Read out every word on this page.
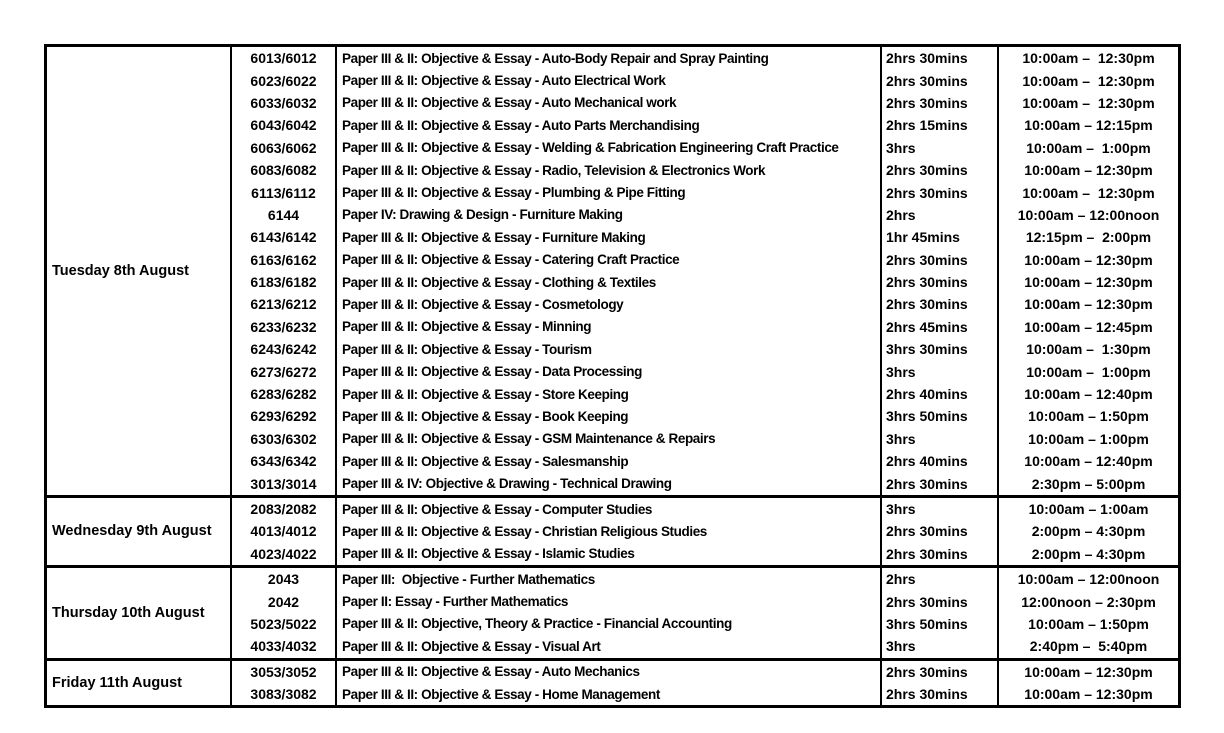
Tuesday 8th August
6013/6012
6023/6022
6033/6032
6043/6042
6063/6062
6083/6082
6113/6112
6144
6143/6142
6163/6162
6183/6182
6213/6212
6233/6232
6243/6242
6273/6272
6283/6282
6293/6292
6303/6302
6343/6342
3013/3014
Paper III & II: Objective & Essay - Auto-Body Repair and Spray Painting
Paper III & II: Objective & Essay - Auto Electrical Work
Paper III & II: Objective & Essay - Auto Mechanical work
Paper III & II: Objective & Essay - Auto Parts Merchandising
Paper III & II: Objective & Essay - Welding & Fabrication Engineering Craft Practice
Paper III & II: Objective & Essay - Radio, Television & Electronics Work
Paper III & II: Objective & Essay - Plumbing & Pipe Fitting
Paper IV: Drawing & Design - Furniture Making
Paper III & II: Objective & Essay - Furniture Making
Paper III & II: Objective & Essay - Catering Craft Practice
Paper III & II: Objective & Essay - Clothing & Textiles
Paper III & II: Objective & Essay - Cosmetology
Paper III & II: Objective & Essay - Minning
Paper III & II: Objective & Essay - Tourism
Paper III & II: Objective & Essay - Data Processing
Paper III & II: Objective & Essay - Store Keeping
Paper III & II: Objective & Essay - Book Keeping
Paper III & II: Objective & Essay - GSM Maintenance & Repairs
Paper III & II: Objective & Essay - Salesmanship
Paper III & IV: Objective & Drawing - Technical Drawing
2hrs 30mins
2hrs 30mins
2hrs 30mins
2hrs 15mins
3hrs
2hrs 30mins
2hrs 30mins
2hrs
1hr 45mins
2hrs 30mins
2hrs 30mins
2hrs 30mins
2hrs 45mins
3hrs 30mins
3hrs
2hrs 40mins
3hrs 50mins
3hrs
2hrs 40mins
2hrs 30mins
10:00am –  12:30pm
10:00am –  12:30pm
10:00am –  12:30pm
10:00am – 12:15pm
10:00am –  1:00pm
10:00am – 12:30pm
10:00am –  12:30pm
10:00am – 12:00noon
12:15pm –  2:00pm
10:00am – 12:30pm
10:00am – 12:30pm
10:00am – 12:30pm
10:00am – 12:45pm
10:00am –  1:30pm
10:00am –  1:00pm
10:00am – 12:40pm
10:00am – 1:50pm
10:00am – 1:00pm
10:00am – 12:40pm
2:30pm – 5:00pm
Wednesday 9th August
2083/2082
4013/4012
4023/4022
Paper III & II: Objective & Essay - Computer Studies
Paper III & II: Objective & Essay - Christian Religious Studies
Paper III & II: Objective & Essay - Islamic Studies
3hrs
2hrs 30mins
2hrs 30mins
10:00am – 1:00am
2:00pm – 4:30pm
2:00pm – 4:30pm
Thursday 10th August
2043
2042
5023/5022
4033/4032
Paper III:  Objective - Further Mathematics
Paper II: Essay - Further Mathematics
Paper III & II: Objective, Theory & Practice - Financial Accounting
Paper III & II: Objective & Essay - Visual Art
2hrs
2hrs 30mins
3hrs 50mins
3hrs
10:00am – 12:00noon
12:00noon – 2:30pm
10:00am – 1:50pm
2:40pm –  5:40pm
Friday 11th August
3053/3052
3083/3082
Paper III & II: Objective & Essay - Auto Mechanics
Paper III & II: Objective & Essay - Home Management
2hrs 30mins
2hrs 30mins
10:00am – 12:30pm
10:00am – 12:30pm
